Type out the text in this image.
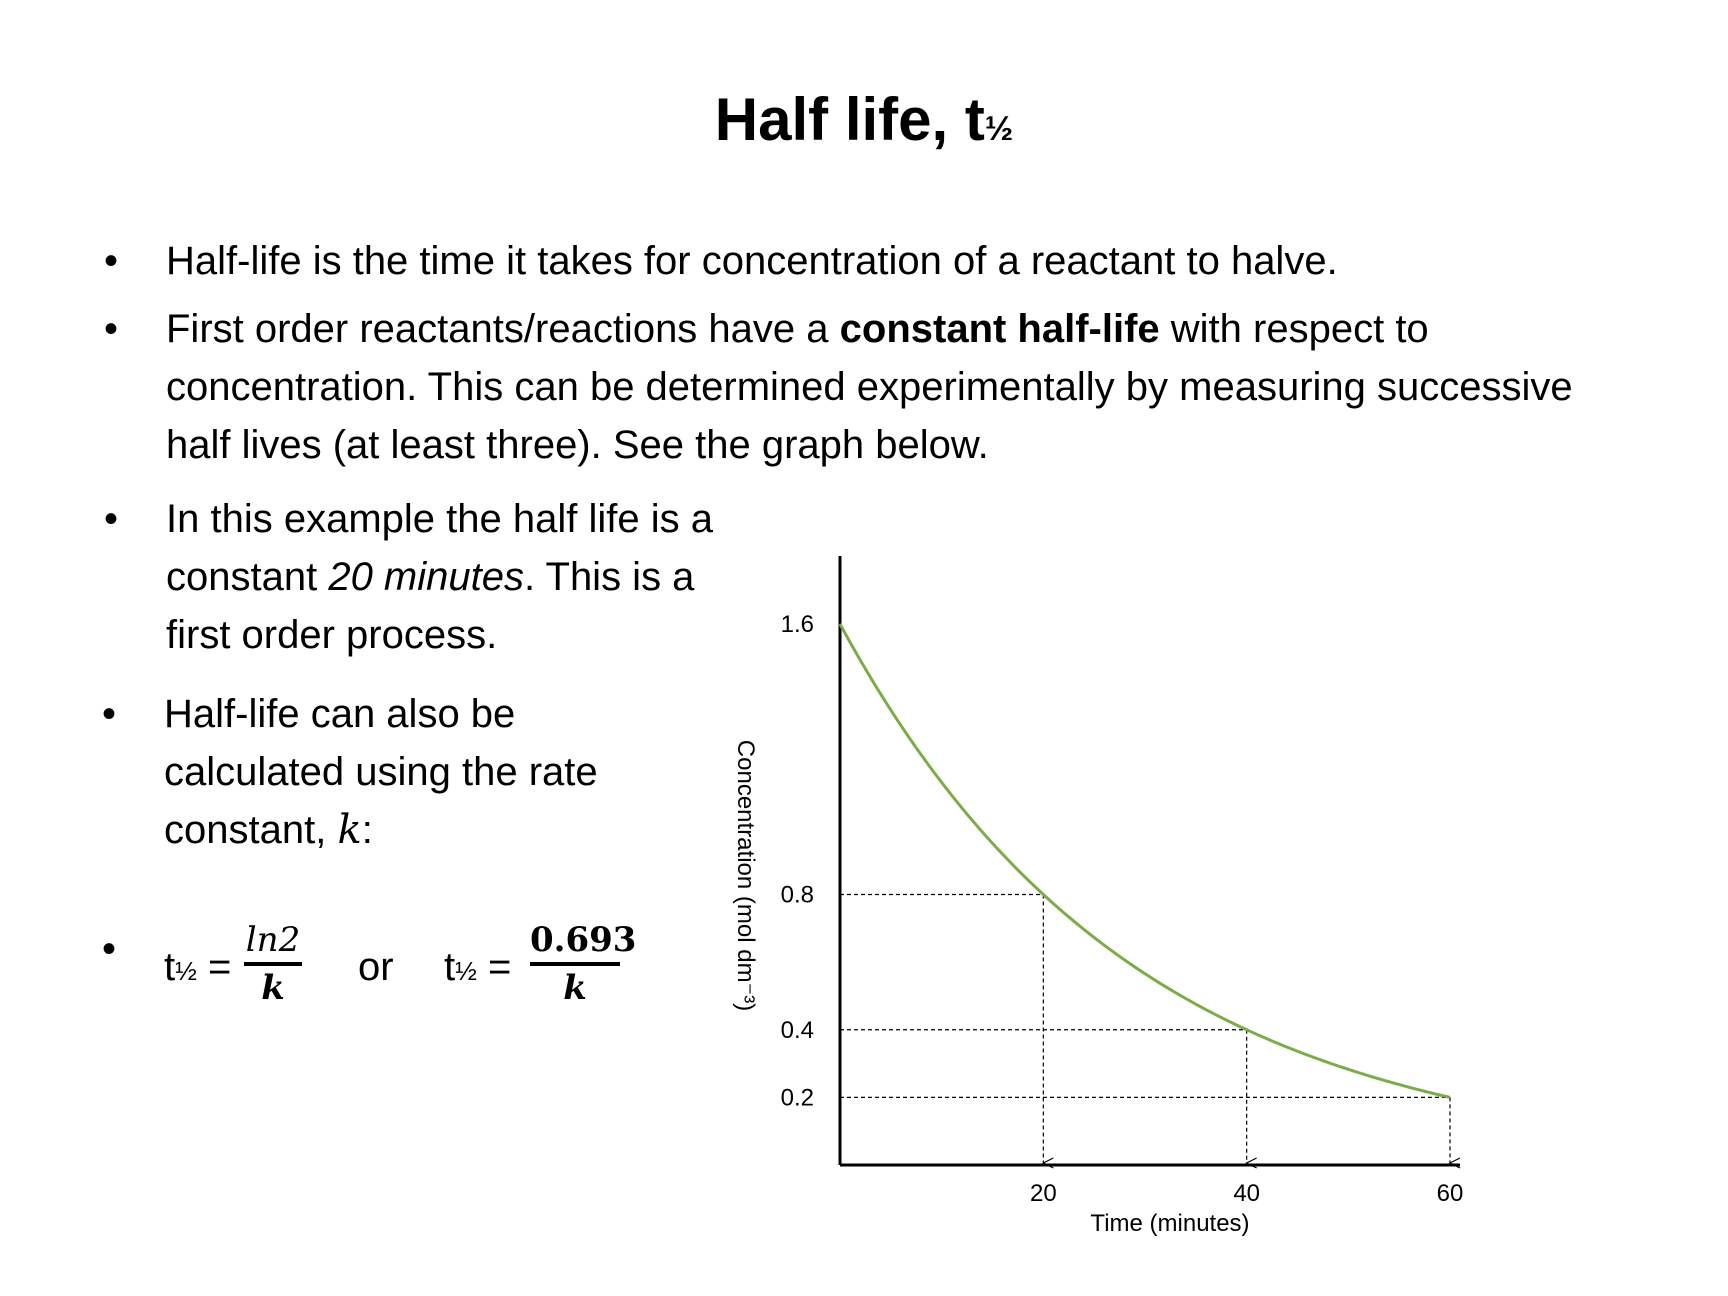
Half life, t½
• Half-life is the time it takes for concentration of a reactant to halve.
• First order reactants/reactions have a constant half-life with respect to concentration. This can be determined experimentally by measuring successive half lives (at least three). See the graph below.
• In this example the half life is a constant 20 minutes. This is a first order process.
• Half-life can also be calculated using the rate constant, k:
• t½ =
ln2
k	or t½ =
0.693
k
1.6
0.8
0.4
0.2
20	40	60
Time (minutes)
Concentration (mol dm⁻³)
